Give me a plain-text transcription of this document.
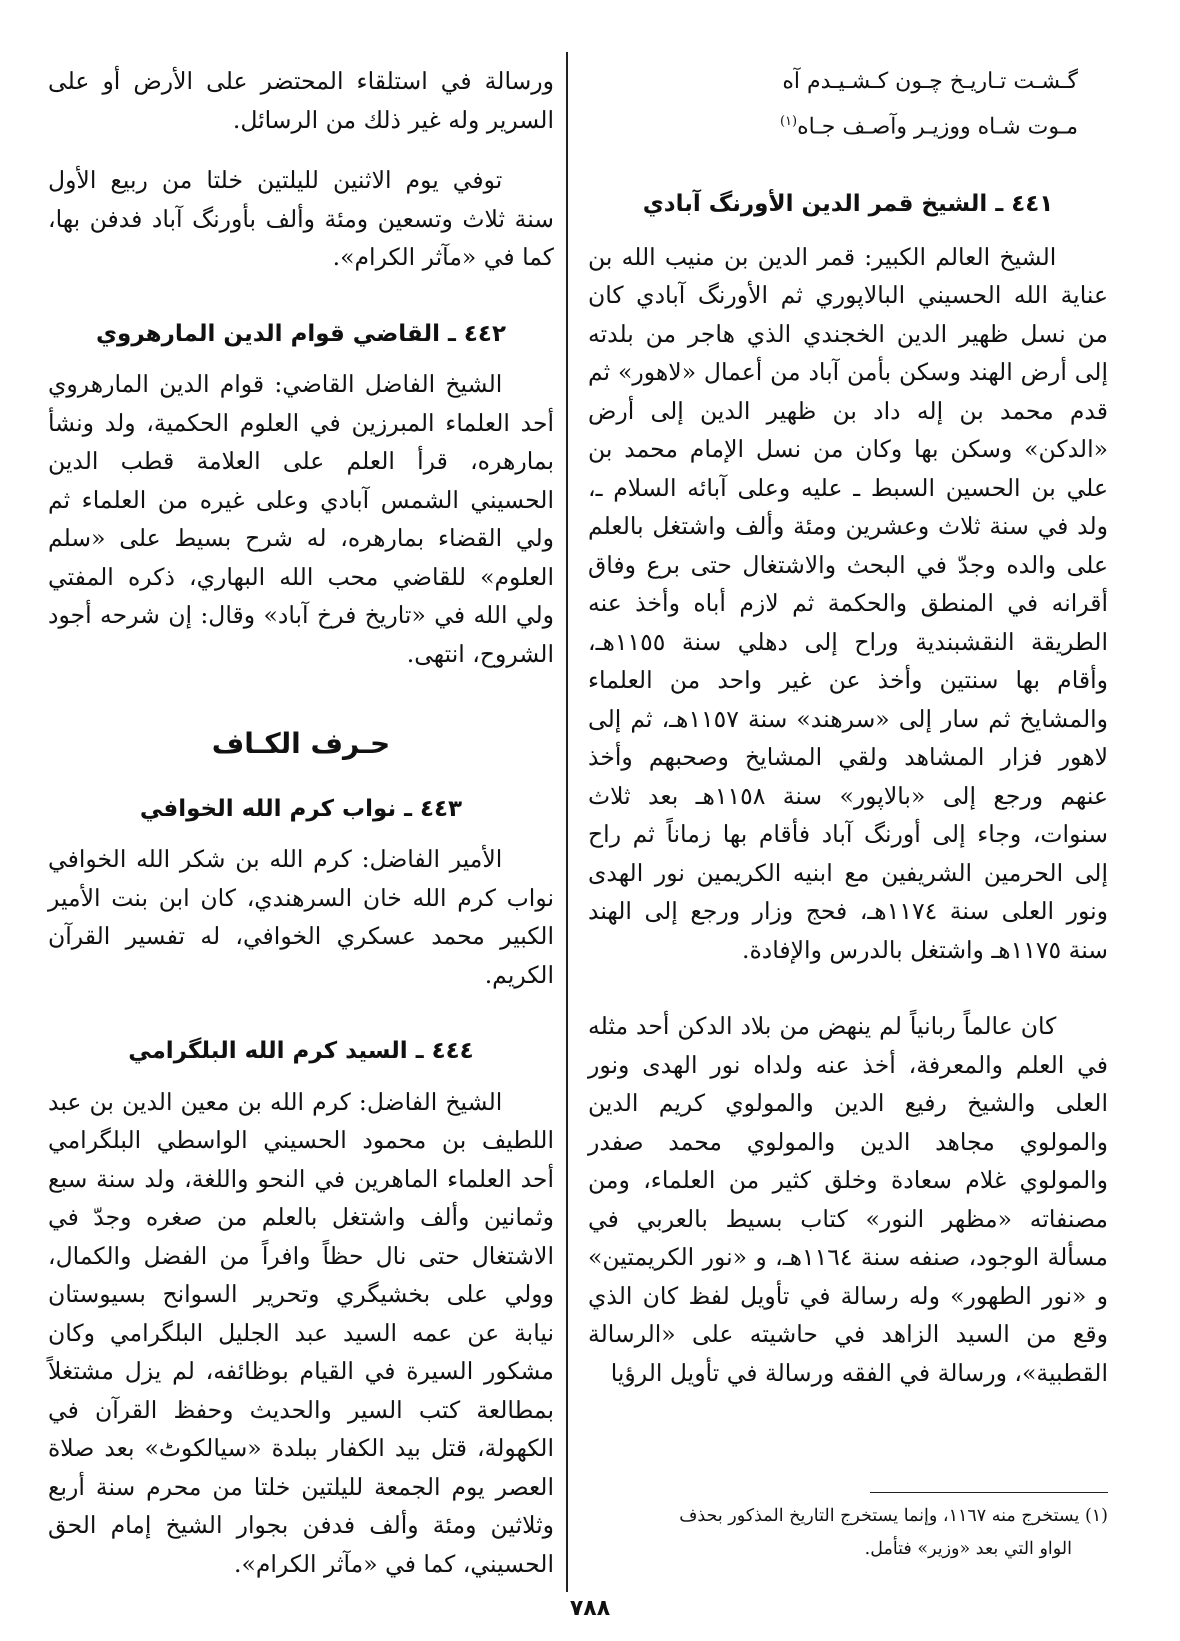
گـشـت تـاريـخ چـون كـشـيـدم آه
مـوت شـاه ووزيـر وآصـف جـاه$^{(١)}$
٤٤١ ـ الشيخ قمر الدين الأورنگ آبادي

الشيخ العالم الكبير: قمر الدين بن منيب الله بن عناية الله الحسيني البالاپوري ثم الأورنگ آبادي كان من نسل ظهير الدين الخجندي الذي هاجر من بلدته إلى أرض الهند وسكن بأمن آباد من أعمال «لاهور» ثم قدم محمد بن إله داد بن ظهير الدين إلى أرض «الدكن» وسكن بها وكان من نسل الإمام محمد بن علي بن الحسين السبط ـ عليه وعلى آبائه السلام ـ، ولد في سنة ثلاث وعشرين ومئة وألف واشتغل بالعلم على والده وجدّ في البحث والاشتغال حتى برع وفاق أقرانه في المنطق والحكمة ثم لازم أباه وأخذ عنه الطريقة النقشبندية وراح إلى دهلي سنة ١١٥٥هـ، وأقام بها سنتين وأخذ عن غير واحد من العلماء والمشايخ ثم سار إلى «سرهند» سنة ١١٥٧هـ، ثم إلى لاهور فزار المشاهد ولقي المشايخ وصحبهم وأخذ عنهم ورجع إلى «بالاپور» سنة ١١٥٨هـ بعد ثلاث سنوات، وجاء إلى أورنگ آباد فأقام بها زماناً ثم راح إلى الحرمين الشريفين مع ابنيه الكريمين نور الهدى ونور العلى سنة ١١٧٤هـ، فحج وزار ورجع إلى الهند سنة ١١٧٥هـ واشتغل بالدرس والإفادة.

كان عالماً ربانياً لم ينهض من بلاد الدكن أحد مثله في العلم والمعرفة، أخذ عنه ولداه نور الهدى ونور العلى والشيخ رفيع الدين والمولوي كريم الدين والمولوي مجاهد الدين والمولوي محمد صفدر والمولوي غلام سعادة وخلق كثير من العلماء، ومن مصنفاته «مظهر النور» كتاب بسيط بالعربي في مسألة الوجود، صنفه سنة ١١٦٤هـ، و «نور الكريمتين» و «نور الطهور» وله رسالة في تأويل لفظ كان الذي وقع من السيد الزاهد في حاشيته على «الرسالة القطبية»، ورسالة في الفقه ورسالة في تأويل الرؤيا

ورسالة في استلقاء المحتضر على الأرض أو على السرير وله غير ذلك من الرسائل.

توفي يوم الاثنين لليلتين خلتا من ربيع الأول سنة ثلاث وتسعين ومئة وألف بأورنگ آباد فدفن بها، كما في «مآثر الكرام».

٤٤٢ ـ القاضي قوام الدين المارهروي

الشيخ الفاضل القاضي: قوام الدين المارهروي أحد العلماء المبرزين في العلوم الحكمية، ولد ونشأ بمارهره، قرأ العلم على العلامة قطب الدين الحسيني الشمس آبادي وعلى غيره من العلماء ثم ولي القضاء بمارهره، له شرح بسيط على «سلم العلوم» للقاضي محب الله البهاري، ذكره المفتي ولي الله في «تاريخ فرخ آباد» وقال: إن شرحه أجود الشروح، انتهى.

حـرف الكـاف
٤٤٣ ـ نواب كرم الله الخوافي

الأمير الفاضل: كرم الله بن شكر الله الخوافي نواب كرم الله خان السرهندي، كان ابن بنت الأمير الكبير محمد عسكري الخوافي، له تفسير القرآن الكريم.

٤٤٤ ـ السيد كرم الله البلگرامي

الشيخ الفاضل: كرم الله بن معين الدين بن عبد اللطيف بن محمود الحسيني الواسطي البلگرامي أحد العلماء الماهرين في النحو واللغة، ولد سنة سبع وثمانين وألف واشتغل بالعلم من صغره وجدّ في الاشتغال حتى نال حظاً وافراً من الفضل والكمال، وولي على بخشيگري وتحرير السوانح بسيوستان نيابة عن عمه السيد عبد الجليل البلگرامي وكان مشكور السيرة في القيام بوظائفه، لم يزل مشتغلاً بمطالعة كتب السير والحديث وحفظ القرآن في الكهولة، قتل بيد الكفار ببلدة «سيالكوٹ» بعد صلاة العصر يوم الجمعة لليلتين خلتا من محرم سنة أربع وثلاثين ومئة وألف فدفن بجوار الشيخ إمام الحق الحسيني، كما في «مآثر الكرام».

(١) يستخرج منه ١١٦٧، وإنما يستخرج التاريخ المذكور بحذف
الواو التي بعد «وزير» فتأمل.
٧٨٨
